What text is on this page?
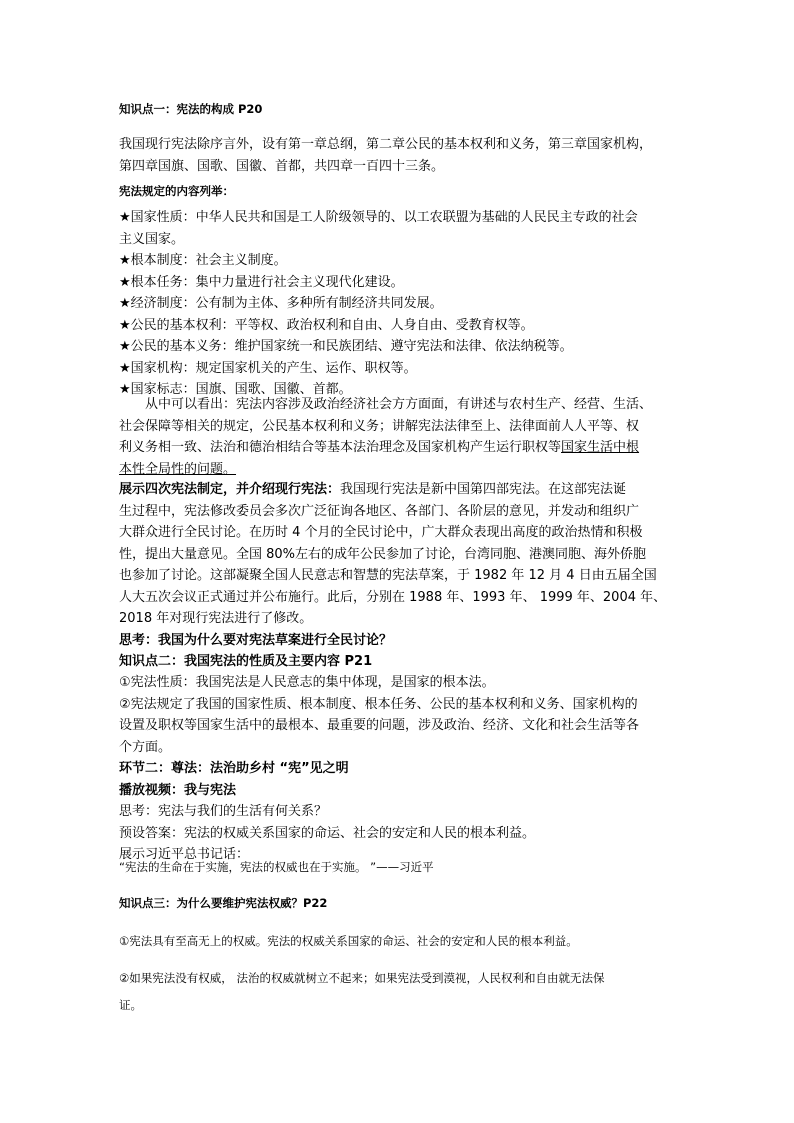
知识点一：宪法的构成 P20

我国现行宪法除序言外，设有第一章总纲，第二章公民的基本权利和义务，第三章国家机构，
第四章国旗、国歌、国徽、首都，共四章一百四十三条。

宪法规定的内容列举：

★国家性质：中华人民共和国是工人阶级领导的、以工农联盟为基础的人民民主专政的社会
主义国家。
★根本制度：社会主义制度。
★根本任务：集中力量进行社会主义现代化建设。
★经济制度：公有制为主体、多种所有制经济共同发展。
★公民的基本权利：平等权、政治权利和自由、人身自由、受教育权等。
★公民的基本义务：维护国家统一和民族团结、遵守宪法和法律、依法纳税等。
★国家机构：规定国家机关的产生、运作、职权等。
★国家标志：国旗、国歌、国徽、首都。
从中可以看出：宪法内容涉及政治经济社会方方面面，有讲述与农村生产、经营、生活、
社会保障等相关的规定，公民基本权利和义务；讲解宪法法律至上、法律面前人人平等、权
利义务相一致、法治和德治相结合等基本法治理念及国家机构产生运行职权等国家生活中根
本性全局性的问题。
展示四次宪法制定，并介绍现行宪法：我国现行宪法是新中国第四部宪法。在这部宪法诞
生过程中，宪法修改委员会多次广泛征询各地区、各部门、各阶层的意见，并发动和组织广
大群众进行全民讨论。在历时 4 个月的全民讨论中，广大群众表现出高度的政治热情和积极
性，提出大量意见。全国 80%左右的成年公民参加了讨论，台湾同胞、港澳同胞、海外侨胞
也参加了讨论。这部凝聚全国人民意志和智慧的宪法草案，于 1982 年 12 月 4 日由五届全国
人大五次会议正式通过并公布施行。此后，分别在 1988 年、1993 年、 1999 年、2004 年、
2018 年对现行宪法进行了修改。

思考：我国为什么要对宪法草案进行全民讨论？

知识点二：我国宪法的性质及主要内容 P21

①宪法性质：我国宪法是人民意志的集中体现，是国家的根本法。
②宪法规定了我国的国家性质、根本制度、根本任务、公民的基本权利和义务、国家机构的
设置及职权等国家生活中的最根本、最重要的问题，涉及政治、经济、文化和社会生活等各
个方面。

环节二：尊法：法治助乡村 “宪”见之明

播放视频：我与宪法

思考：宪法与我们的生活有何关系？
预设答案：宪法的权威关系国家的命运、社会的安定和人民的根本利益。
展示习近平总书记话：

“宪法的生命在于实施，宪法的权威也在于实施。 ”——习近平

知识点三：为什么要维护宪法权威？P22

①宪法具有至高无上的权威。宪法的权威关系国家的命运、社会的安定和人民的根本利益。

②如果宪法没有权威， 法治的权威就树立不起来；如果宪法受到漠视，人民权利和自由就无法保
证。
